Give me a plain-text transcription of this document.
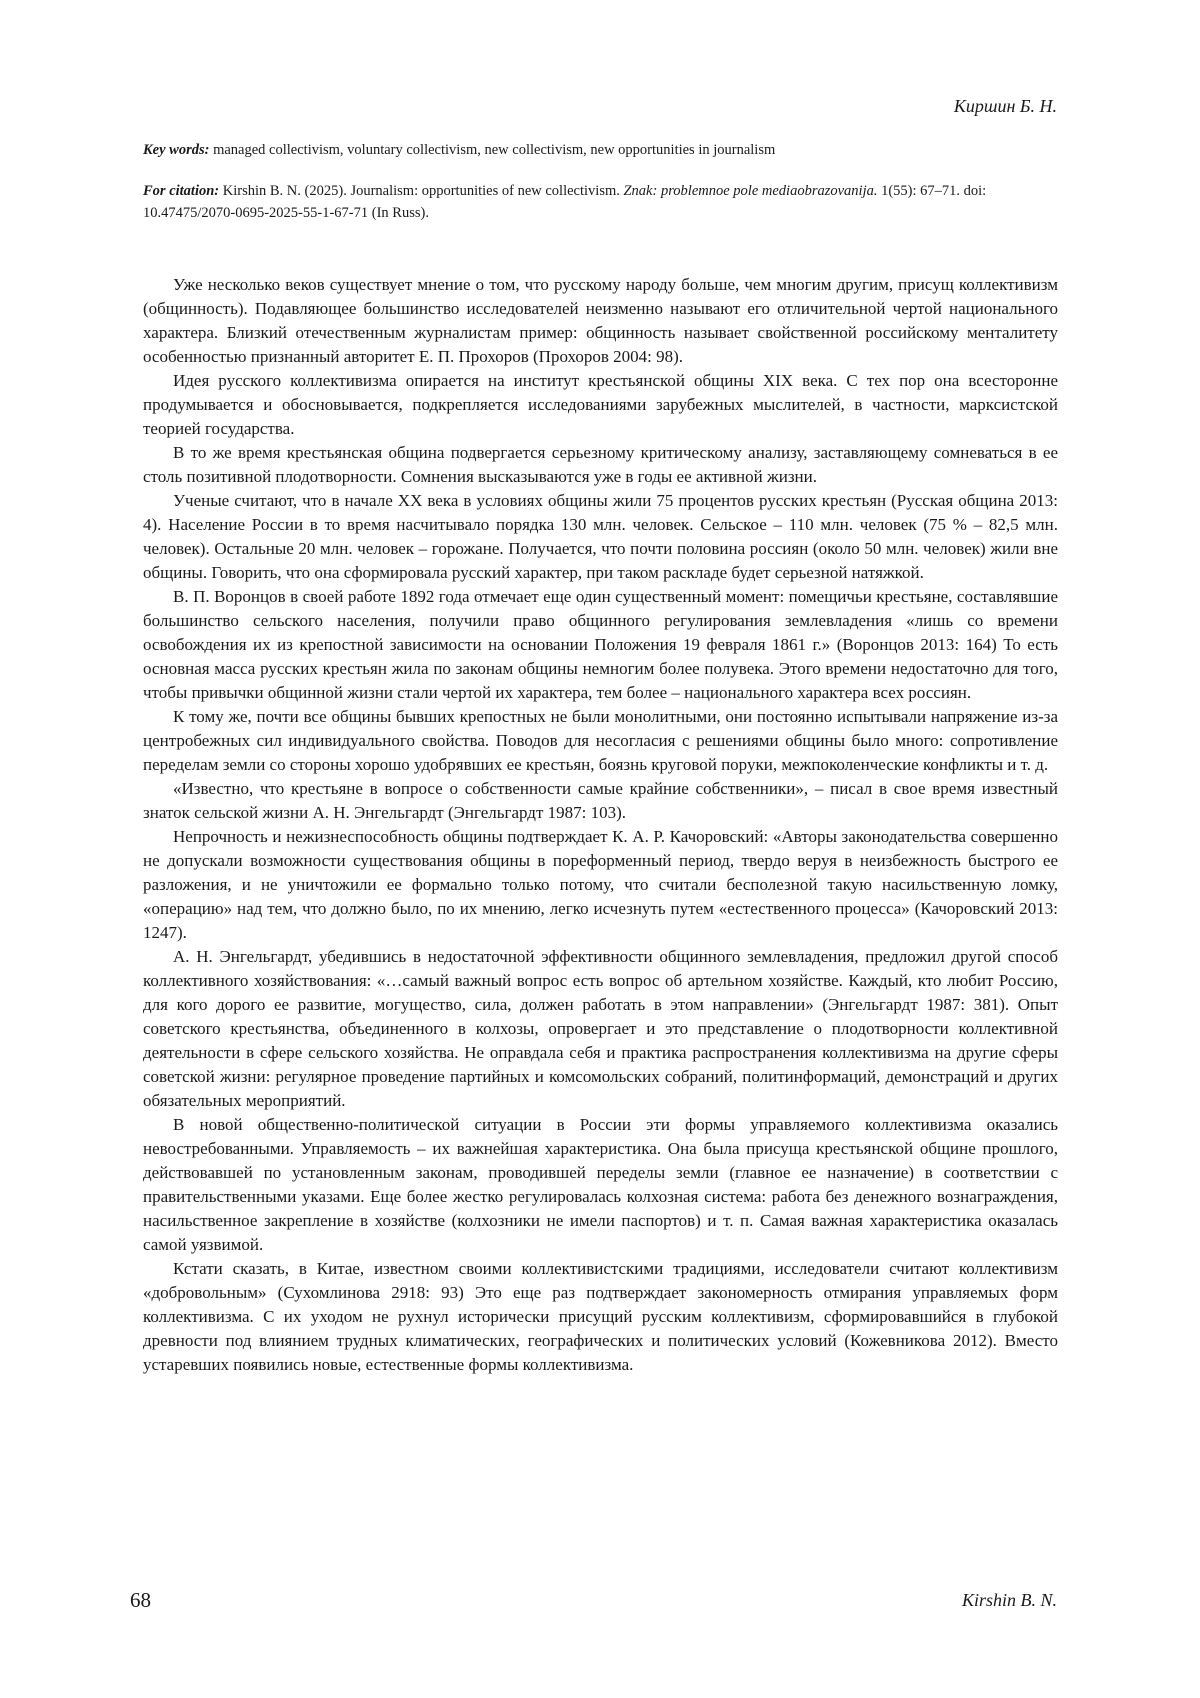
Киршин Б. Н.

Key words: managed collectivism, voluntary collectivism, new collectivism, new opportunities in journalism

For citation: Kirshin B. N. (2025). Journalism: opportunities of new collectivism. Znak: problemnoe pole mediaobrazovanija. 1(55): 67–71. doi: 10.47475/2070-0695-2025-55-1-67-71 (In Russ).

Уже несколько веков существует мнение о том, что русскому народу больше, чем многим другим, присущ коллективизм (общинность). Подавляющее большинство исследователей неизменно называют его отличительной чертой национального характера. Близкий отечественным журналистам пример: общинность называет свойственной российскому менталитету особенностью признанный авторитет Е. П. Прохоров (Прохоров 2004: 98).

Идея русского коллективизма опирается на институт крестьянской общины XIX века. С тех пор она всесторонне продумывается и обосновывается, подкрепляется исследованиями зарубежных мыслителей, в частности, марксистской теорией государства.

В то же время крестьянская община подвергается серьезному критическому анализу, заставляющему сомневаться в ее столь позитивной плодотворности. Сомнения высказываются уже в годы ее активной жизни.

Ученые считают, что в начале XX века в условиях общины жили 75 процентов русских крестьян (Русская община 2013: 4). Население России в то время насчитывало порядка 130 млн. человек. Сельское – 110 млн. человек (75 % – 82,5 млн. человек). Остальные 20 млн. человек – горожане. Получается, что почти половина россиян (около 50 млн. человек) жили вне общины. Говорить, что она сформировала русский характер, при таком раскладе будет серьезной натяжкой.

В. П. Воронцов в своей работе 1892 года отмечает еще один существенный момент: помещичьи крестьяне, составлявшие большинство сельского населения, получили право общинного регулирования землевладения «лишь со времени освобождения их из крепостной зависимости на основании Положения 19 февраля 1861 г.» (Воронцов 2013: 164) То есть основная масса русских крестьян жила по законам общины немногим более полувека. Этого времени недостаточно для того, чтобы привычки общинной жизни стали чертой их характера, тем более – национального характера всех россиян.

К тому же, почти все общины бывших крепостных не были монолитными, они постоянно испытывали напряжение из-за центробежных сил индивидуального свойства. Поводов для несогласия с решениями общины было много: сопротивление переделам земли со стороны хорошо удобрявших ее крестьян, боязнь круговой поруки, межпоколенческие конфликты и т. д.

«Известно, что крестьяне в вопросе о собственности самые крайние собственники», – писал в свое время известный знаток сельской жизни А. Н. Энгельгардт (Энгельгардт 1987: 103).

Непрочность и нежизнеспособность общины подтверждает К. А. Р. Качоровский: «Авторы законодательства совершенно не допускали возможности существования общины в пореформенный период, твердо веруя в неизбежность быстрого ее разложения, и не уничтожили ее формально только потому, что считали бесполезной такую насильственную ломку, «операцию» над тем, что должно было, по их мнению, легко исчезнуть путем «естественного процесса» (Качоровский 2013: 1247).

А. Н. Энгельгардт, убедившись в недостаточной эффективности общинного землевладения, предложил другой способ коллективного хозяйствования: «…самый важный вопрос есть вопрос об артельном хозяйстве. Каждый, кто любит Россию, для кого дорого ее развитие, могущество, сила, должен работать в этом направлении» (Энгельгардт 1987: 381). Опыт советского крестьянства, объединенного в колхозы, опровергает и это представление о плодотворности коллективной деятельности в сфере сельского хозяйства. Не оправдала себя и практика распространения коллективизма на другие сферы советской жизни: регулярное проведение партийных и комсомольских собраний, политинформаций, демонстраций и других обязательных мероприятий.

В новой общественно-политической ситуации в России эти формы управляемого коллективизма оказались невостребованными. Управляемость – их важнейшая характеристика. Она была присуща крестьянской общине прошлого, действовавшей по установленным законам, проводившей переделы земли (главное ее назначение) в соответствии с правительственными указами. Еще более жестко регулировалась колхозная система: работа без денежного вознаграждения, насильственное закрепление в хозяйстве (колхозники не имели паспортов) и т. п. Самая важная характеристика оказалась самой уязвимой.

Кстати сказать, в Китае, известном своими коллективистскими традициями, исследователи считают коллективизм «добровольным» (Сухомлинова 2918: 93) Это еще раз подтверждает закономерность отмирания управляемых форм коллективизма. С их уходом не рухнул исторически присущий русским коллективизм, сформировавшийся в глубокой древности под влиянием трудных климатических, географических и политических условий (Кожевникова 2012). Вместо устаревших появились новые, естественные формы коллективизма.

68	Kirshin B. N.
